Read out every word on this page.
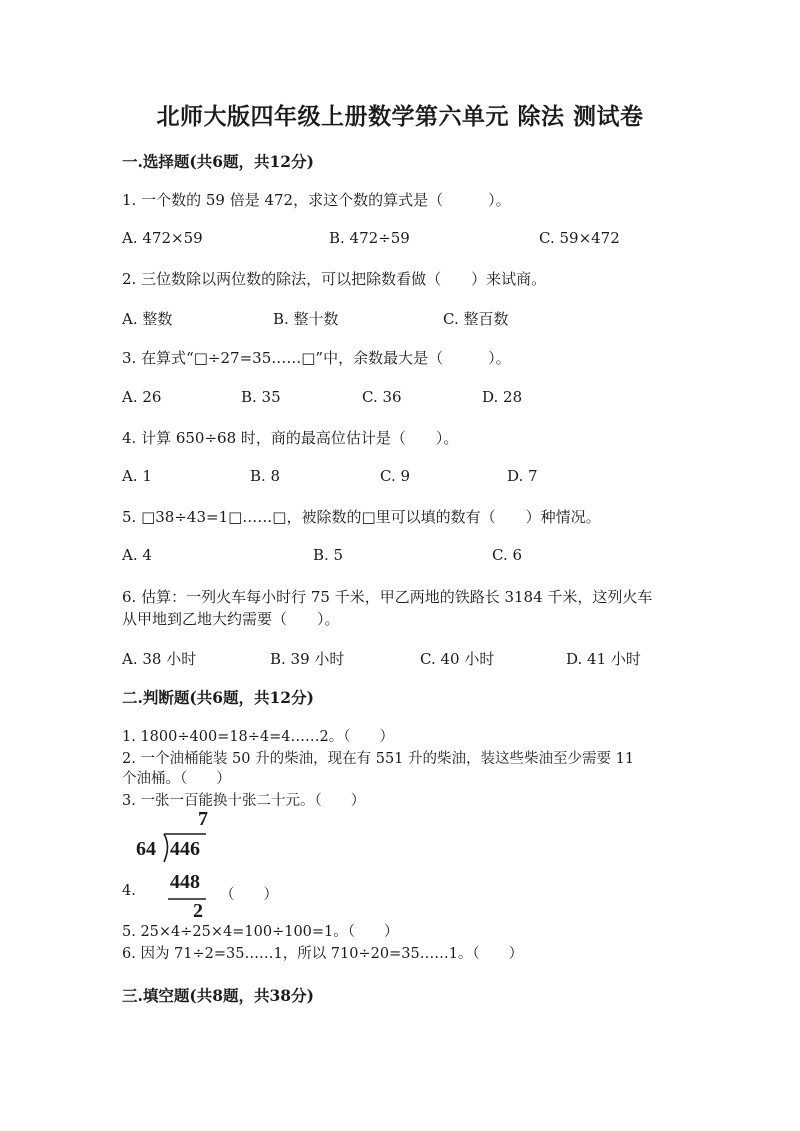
北师大版四年级上册数学第六单元 除法 测试卷
一.选择题(共6题，共12分)
1. 一个数的 59 倍是 472，求这个数的算式是（　　　）。
A. 472×59	B. 472÷59	C. 59×472
2. 三位数除以两位数的除法，可以把除数看做（　　）来试商。
A. 整数	B. 整十数	C. 整百数
3. 在算式“□÷27=35……□”中，余数最大是（　　　）。
A. 26	B. 35	C. 36	D. 28
4. 计算 650÷68 时，商的最高位估计是（　　）。
A. 1	B. 8	C. 9	D. 7
5. □38÷43=1□……□，被除数的□里可以填的数有（　　）种情况。
A. 4	B. 5	C. 6
6. 估算：一列火车每小时行 75 千米，甲乙两地的铁路长 3184 千米，这列火车
从甲地到乙地大约需要（　　）。
A. 38 小时	B. 39 小时	C. 40 小时	D. 41 小时
二.判断题(共6题，共12分)
1. 1800÷400=18÷4=4……2。（　　）
2. 一个油桶能装 50 升的柴油，现在有 551 升的柴油，装这些柴油至少需要 11
个油桶。（　　）
3. 一张一百能换十张二十元。（　　）
7
64 446
448
2
4.	（　　）
5. 25×4÷25×4=100÷100=1。（　　）
6. 因为 71÷2=35……1，所以 710÷20=35……1。（　　）
三.填空题(共8题，共38分)
